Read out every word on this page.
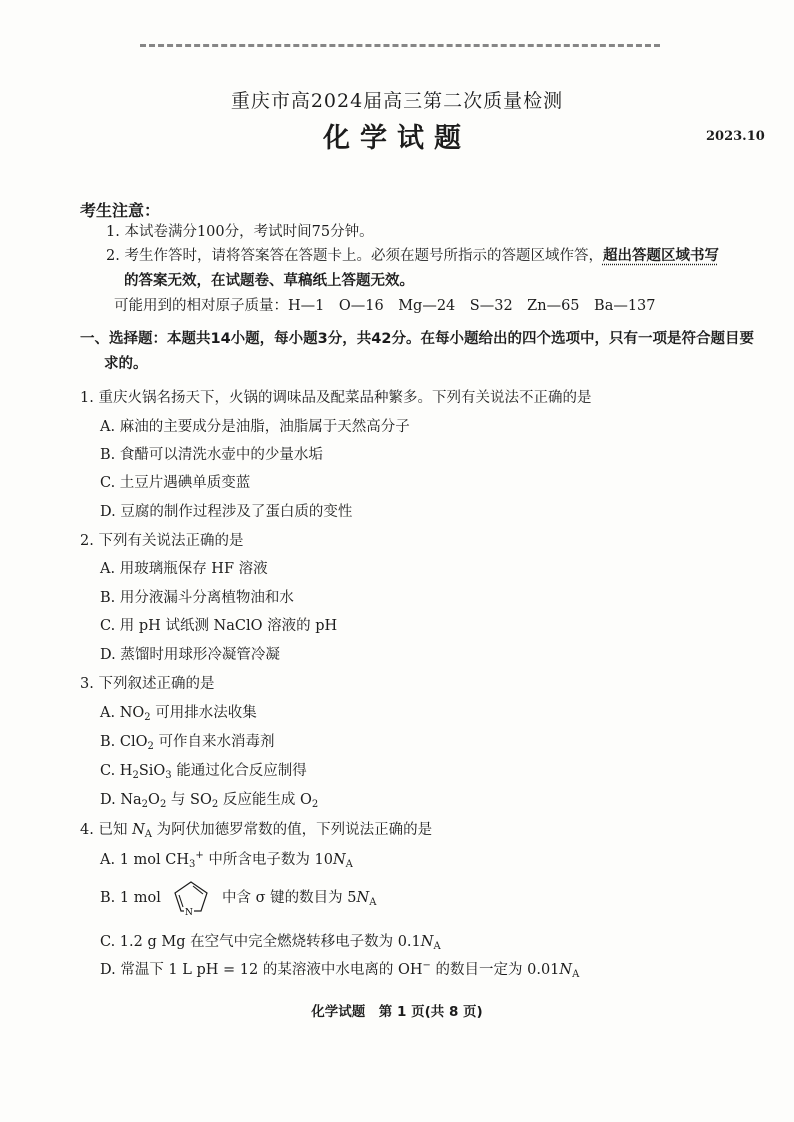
重庆市高2024届高三第二次质量检测
化学试题	2023.10
考生注意：
1. 本试卷满分100分，考试时间75分钟。
2. 考生作答时，请将答案答在答题卡上。必须在题号所指示的答题区域作答，超出答题区域书写
的答案无效，在试题卷、草稿纸上答题无效。
可能用到的相对原子质量：H—1　O—16　Mg—24　S—32　Zn—65　Ba—137
一、选择题：本题共14小题，每小题3分，共42分。在每小题给出的四个选项中，只有一项是符合题目要
求的。
1. 重庆火锅名扬天下，火锅的调味品及配菜品种繁多。下列有关说法不正确的是
A. 麻油的主要成分是油脂，油脂属于天然高分子
B. 食醋可以清洗水壶中的少量水垢
C. 土豆片遇碘单质变蓝
D. 豆腐的制作过程涉及了蛋白质的变性
2. 下列有关说法正确的是
A. 用玻璃瓶保存 HF 溶液
B. 用分液漏斗分离植物油和水
C. 用 pH 试纸测 NaClO 溶液的 pH
D. 蒸馏时用球形冷凝管冷凝
3. 下列叙述正确的是
A. $NO_2$ 可用排水法收集
B. ClO$_2$ 可作自来水消毒剂
C. $H_2SiO_3$ 能通过化合反应制得
D. $Na_2O_2$ 与 $SO_2$ 反应能生成 $O_2$
4. 已知 $N_A$ 为阿伏加德罗常数的值，下列说法正确的是
A. 1 mol $CH_3^+$ 中所含电子数为 $10N_A$
B. 1 mol
N
中含 σ 键的数目为 $5N_A$
C. 1.2 g Mg 在空气中完全燃烧转移电子数为 $0.1N_A$
D. 常温下 1 L pH = 12 的某溶液中水电离的 OH− 的数目一定为 $0.01N_A$
化学试题　第 1 页(共 8 页)
